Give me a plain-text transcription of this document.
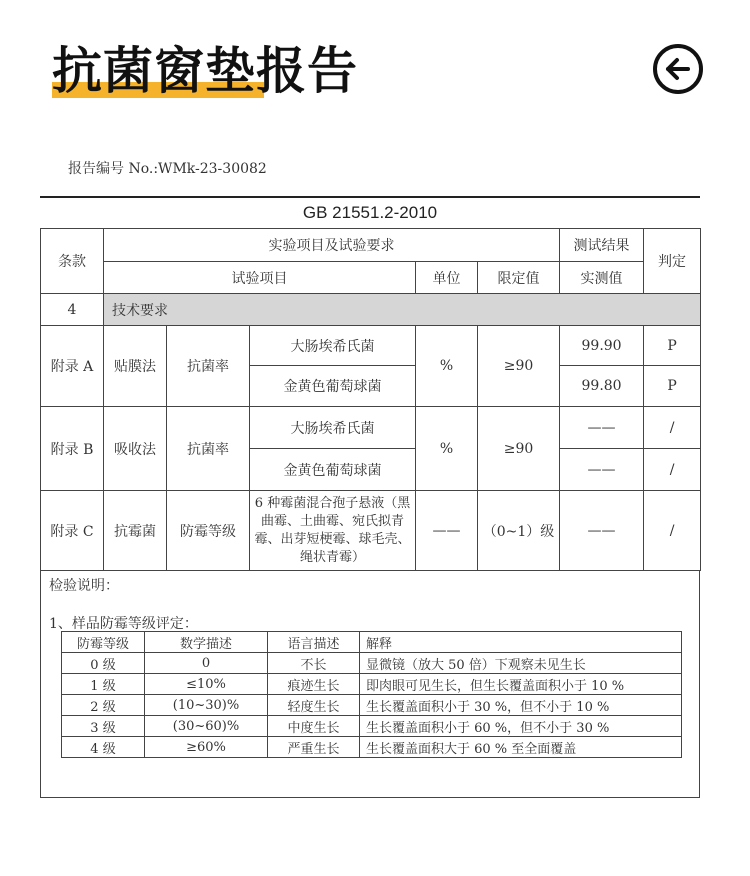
抗菌窗垫报告
报告编号 No.:WMk-23-30082
GB 21551.2-2010
条款	实验项目及试验要求					测试结果	判定
	试验项目			单位	限定值	实测值	
4	技术要求						
附录 A	贴膜法	抗菌率	大肠埃希氏菌	%	≥90	99.90	P
			金黄色葡萄球菌			99.80	P
附录 B	吸收法	抗菌率	大肠埃希氏菌	%	≥90	——	/
			金黄色葡萄球菌			——	/
附录 C	抗霉菌	防霉等级	6 种霉菌混合孢子悬液（黑曲霉、土曲霉、宛氏拟青霉、出芽短梗霉、球毛壳、绳状青霉）	——	（0~1）级	——	/
检验说明：
1、样品防霉等级评定：
防霉等级	数学描述	语言描述	解释
0 级	0	不长	显微镜（放大 50 倍）下观察未见生长
1 级	≤10%	痕迹生长	即肉眼可见生长，但生长覆盖面积小于 10 %
2 级	(10~30)%	轻度生长	生长覆盖面积小于 30 %，但不小于 10 %
3 级	(30~60)%	中度生长	生长覆盖面积小于 60 %，但不小于 30 %
4 级	≥60%	严重生长	生长覆盖面积大于 60 % 至全面覆盖
